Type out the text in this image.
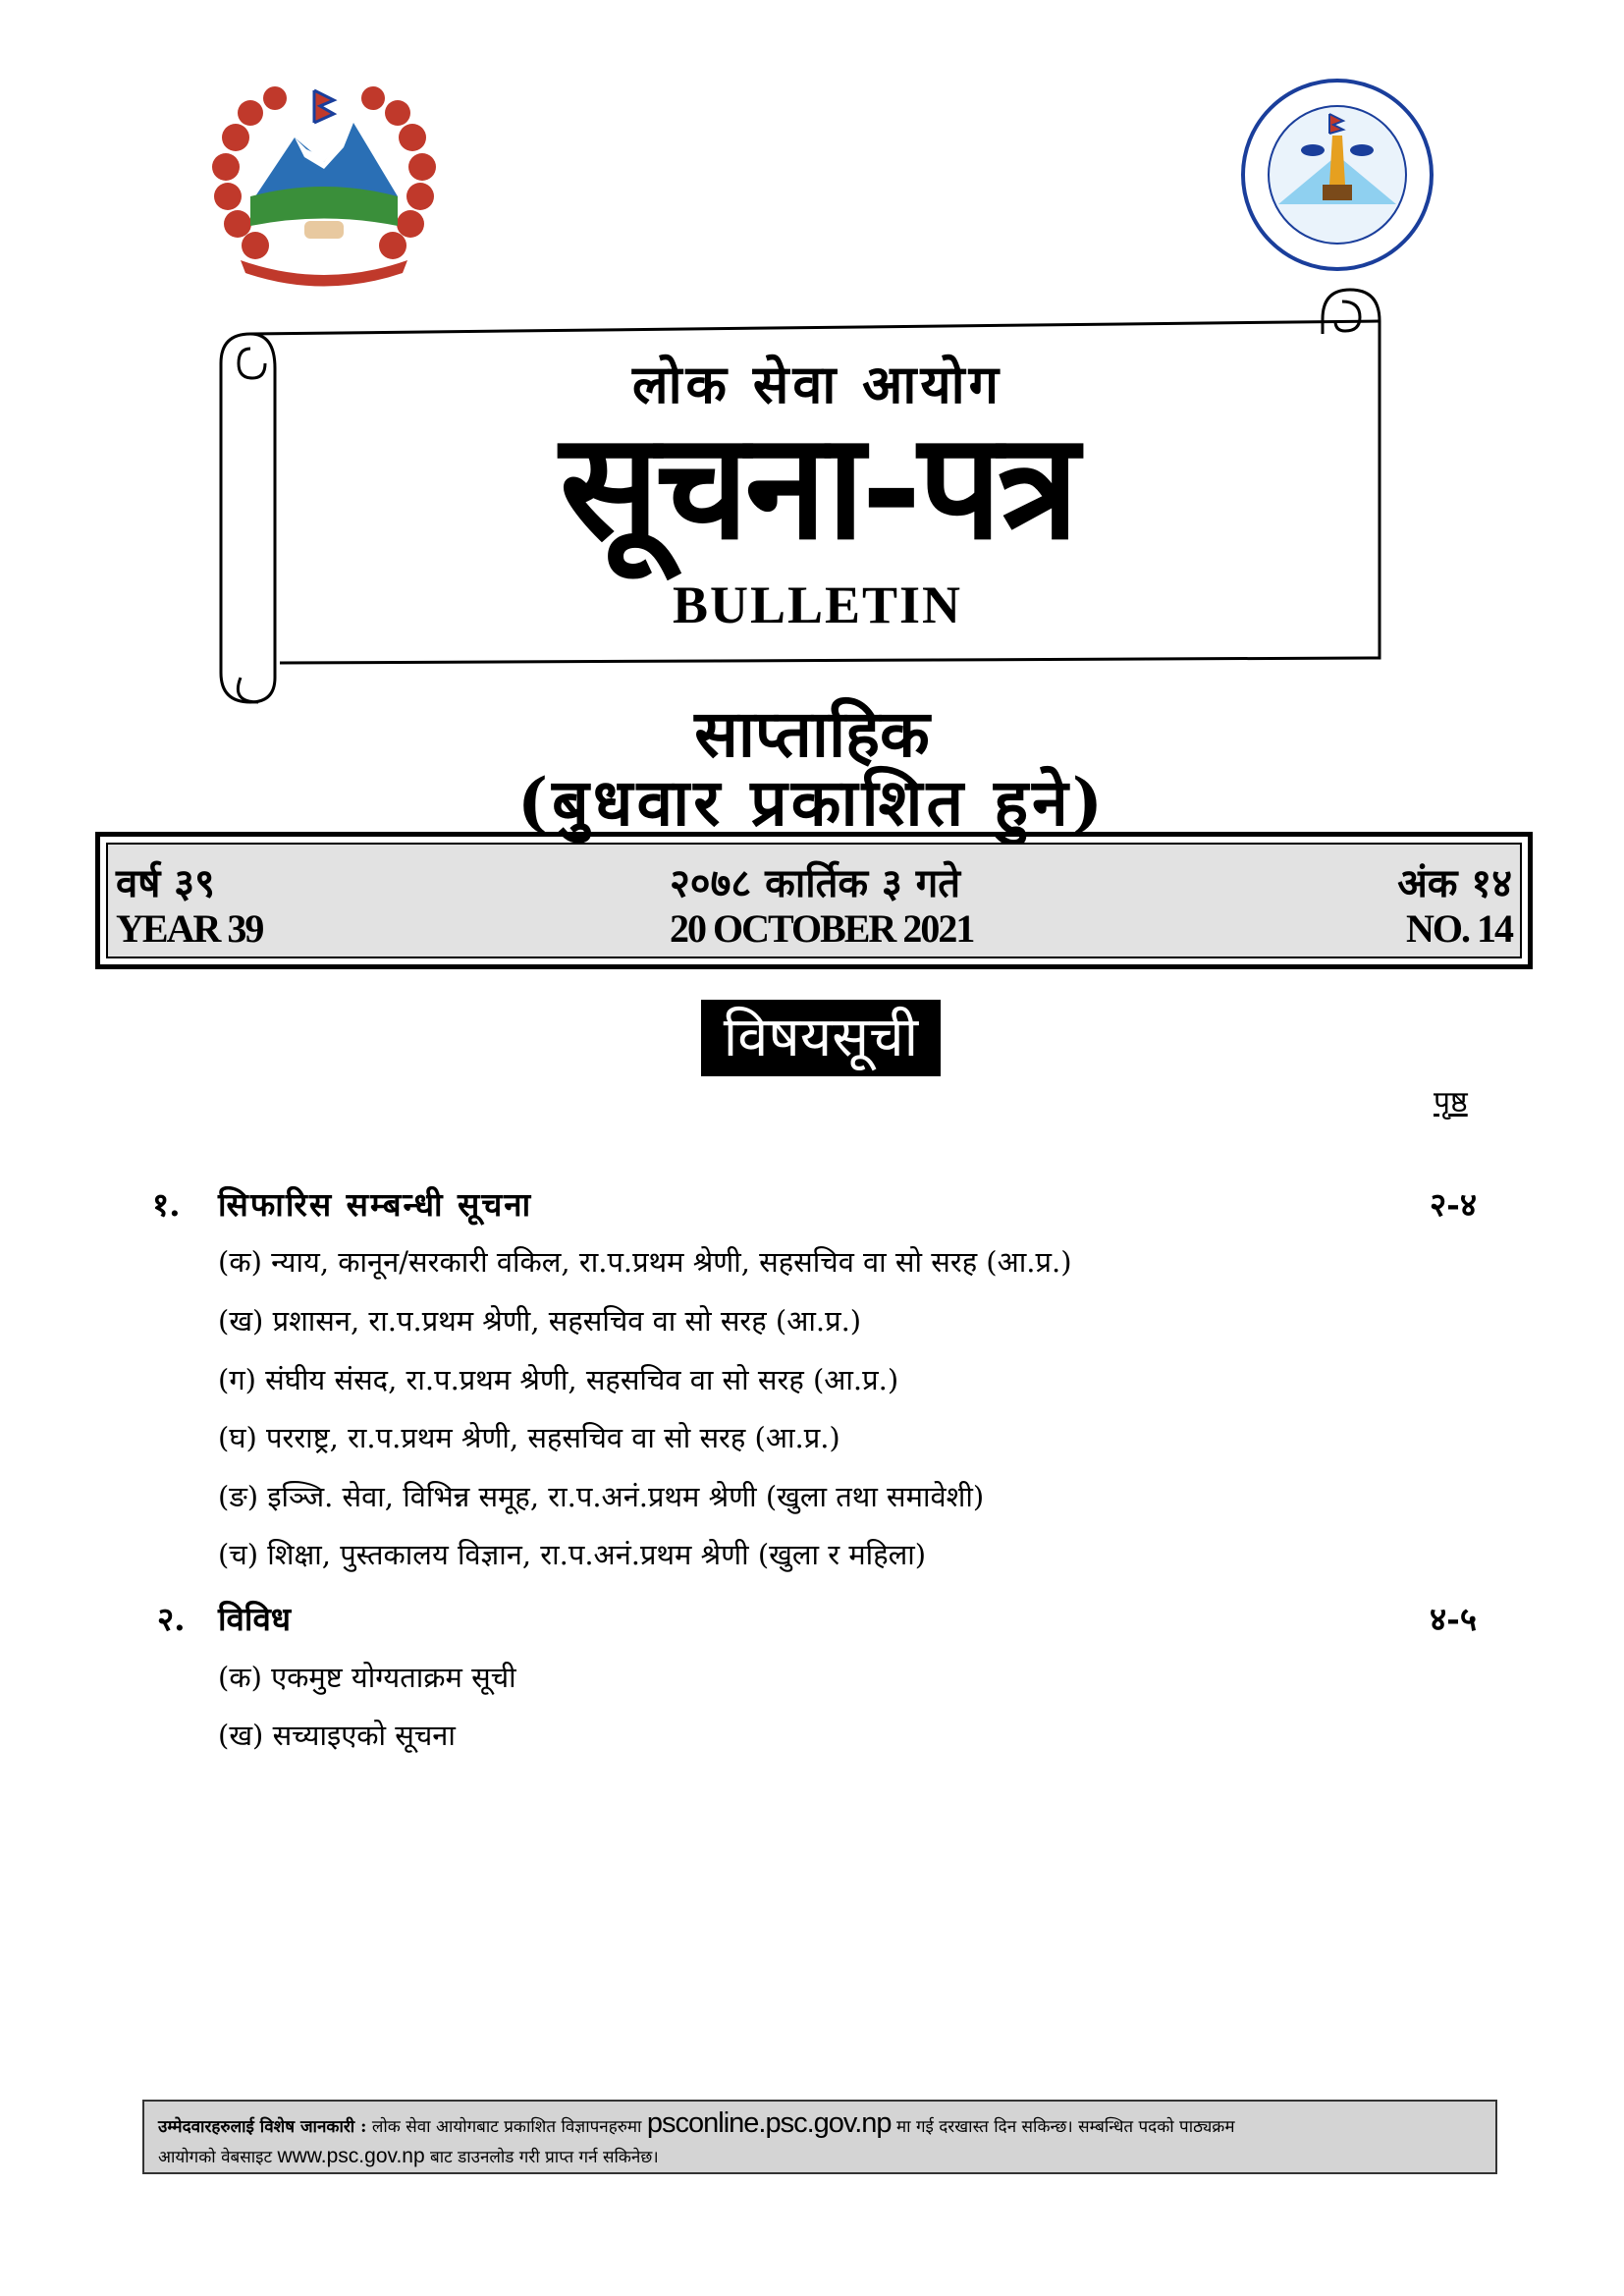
लोक सेवा आयोग
सूचना-पत्र
BULLETIN
साप्ताहिक
(बुधवार प्रकाशित हुने)
वर्ष ३९	२०७८ कार्तिक ३ गते	अंक १४
YEAR 39	20 OCTOBER 2021	NO. 14
विषयसूची
पृष्ठ
१. सिफारिस सम्बन्धी सूचना	२-४
(क) न्याय, कानून/सरकारी वकिल, रा.प.प्रथम श्रेणी, सहसचिव वा सो सरह (आ.प्र.)
(ख) प्रशासन, रा.प.प्रथम श्रेणी, सहसचिव वा सो सरह (आ.प्र.)
(ग) संघीय संसद, रा.प.प्रथम श्रेणी, सहसचिव वा सो सरह (आ.प्र.)
(घ) परराष्ट्र, रा.प.प्रथम श्रेणी, सहसचिव वा सो सरह (आ.प्र.)
(ङ) इञ्जि. सेवा, विभिन्न समूह, रा.प.अनं.प्रथम श्रेणी (खुला तथा समावेशी)
(च) शिक्षा, पुस्तकालय विज्ञान, रा.प.अनं.प्रथम श्रेणी (खुला र महिला)
२. विविध	४-५
(क) एकमुष्ट योग्यताक्रम सूची
(ख) सच्याइएको सूचना
उम्मेदवारहरुलाई विशेष जानकारी : लोक सेवा आयोगबाट प्रकाशित विज्ञापनहरुमा psconline.psc.gov.np मा गई दरखास्त दिन सकिन्छ। सम्बन्धित पदको पाठ्यक्रम
आयोगको वेबसाइट www.psc.gov.np बाट डाउनलोड गरी प्राप्त गर्न सकिनेछ।
